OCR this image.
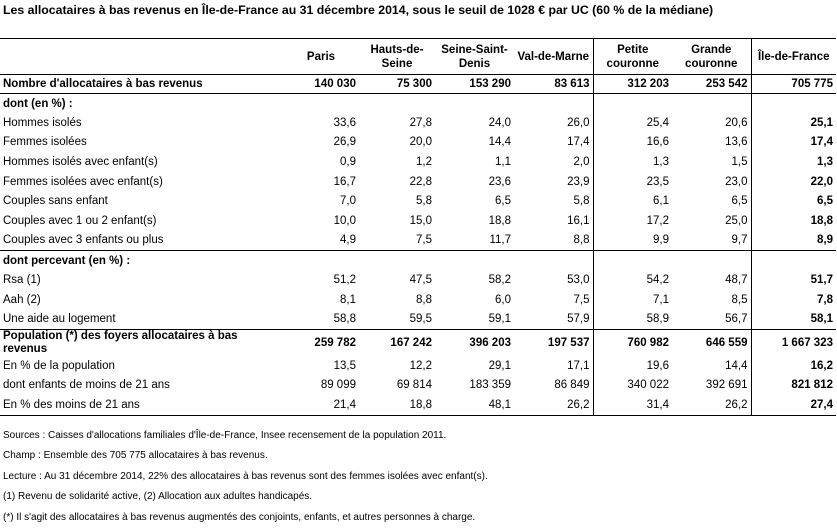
Les allocataires à bas revenus en Île-de-France au 31 décembre 2014, sous le seuil de 1028 € par UC (60 % de la médiane)
	Paris	Hauts-de-Seine	Seine-Saint-Denis	Val-de-Marne	Petite couronne	Grande couronne	Île-de-France
Nombre d'allocataires à bas revenus	140 030	75 300	153 290	83 613	312 203	253 542	705 775
dont (en %) :							
Hommes isolés	33,6	27,8	24,0	26,0	25,4	20,6	25,1
Femmes isolées	26,9	20,0	14,4	17,4	16,6	13,6	17,4
Hommes isolés avec enfant(s)	0,9	1,2	1,1	2,0	1,3	1,5	1,3
Femmes isolées avec enfant(s)	16,7	22,8	23,6	23,9	23,5	23,0	22,0
Couples sans enfant	7,0	5,8	6,5	5,8	6,1	6,5	6,5
Couples avec 1 ou 2 enfant(s)	10,0	15,0	18,8	16,1	17,2	25,0	18,8
Couples avec 3 enfants ou plus	4,9	7,5	11,7	8,8	9,9	9,7	8,9
dont percevant (en %) :							
Rsa (1)	51,2	47,5	58,2	53,0	54,2	48,7	51,7
Aah (2)	8,1	8,8	6,0	7,5	7,1	8,5	7,8
Une aide au logement	58,8	59,5	59,1	57,9	58,9	56,7	58,1
Population (*) des foyers allocataires à bas revenus	259 782	167 242	396 203	197 537	760 982	646 559	1 667 323
En % de la population	13,5	12,2	29,1	17,1	19,6	14,4	16,2
dont enfants de moins de 21 ans	89 099	69 814	183 359	86 849	340 022	392 691	821 812
En % des moins de 21 ans	21,4	18,8	48,1	26,2	31,4	26,2	27,4
Sources : Caisses d'allocations familiales d'Île-de-France, Insee recensement de la population 2011.
Champ : Ensemble des 705 775 allocataires à bas revenus.
Lecture : Au 31 décembre 2014, 22% des allocataires à bas revenus sont des femmes isolées avec enfant(s).
(1) Revenu de solidarité active, (2) Allocation aux adultes handicapés.
(*) Il s'agit des allocataires à bas revenus augmentés des conjoints, enfants, et autres personnes à charge.
